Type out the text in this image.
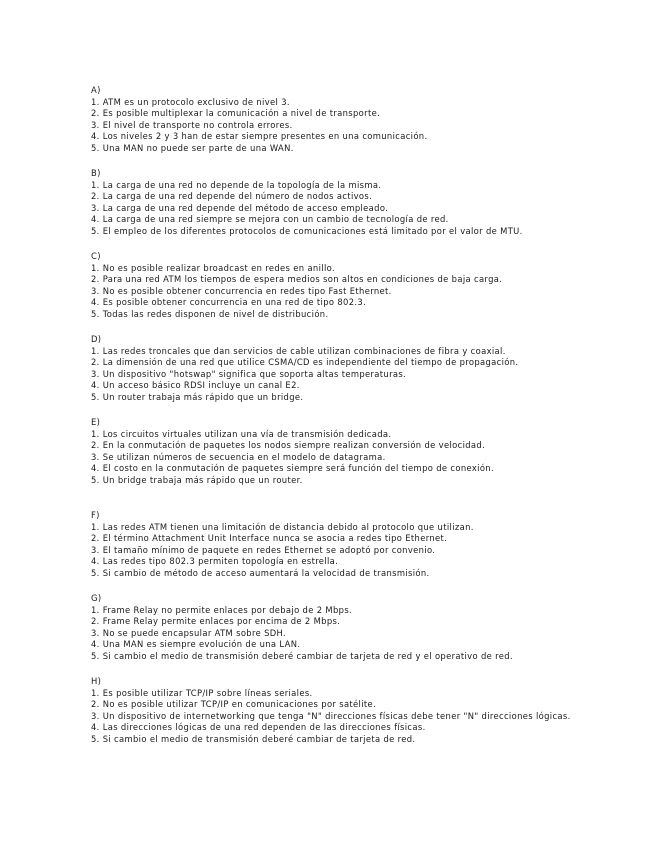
A)
1. ATM es un protocolo exclusivo de nivel 3.
2. Es posible multiplexar la comunicación a nivel de transporte.
3. El nivel de transporte no controla errores.
4. Los niveles 2 y 3 han de estar siempre presentes en una comunicación.
5. Una MAN no puede ser parte de una WAN.
B)
1. La carga de una red no depende de la topología de la misma.
2. La carga de una red depende del número de nodos activos.
3. La carga de una red depende del método de acceso empleado.
4. La carga de una red siempre se mejora con un cambio de tecnología de red.
5. El empleo de los diferentes protocolos de comunicaciones está limitado por el valor de MTU.
C)
1. No es posible realizar broadcast en redes en anillo.
2. Para una red ATM los tiempos de espera medios son altos en condiciones de baja carga.
3. No es posible obtener concurrencia en redes tipo Fast Ethernet.
4. Es posible obtener concurrencia en una red de tipo 802.3.
5. Todas las redes disponen de nivel de distribución.
D)
1. Las redes troncales que dan servicios de cable utilizan combinaciones de fibra y coaxial.
2. La dimensión de una red que utilice CSMA/CD es independiente del tiempo de propagación.
3. Un dispositivo "hotswap" significa que soporta altas temperaturas.
4. Un acceso básico RDSI incluye un canal E2.
5. Un router trabaja más rápido que un bridge.
E)
1. Los circuitos virtuales utilizan una vía de transmisión dedicada.
2. En la conmutación de paquetes los nodos siempre realizan conversión de velocidad.
3. Se utilizan números de secuencia en el modelo de datagrama.
4. El costo en la conmutación de paquetes siempre será función del tiempo de conexión.
5. Un bridge trabaja más rápido que un router.
F)
1. Las redes ATM tienen una limitación de distancia debido al protocolo que utilizan.
2. El término Attachment Unit Interface nunca se asocia a redes tipo Ethernet.
3. El tamaño mínimo de paquete en redes Ethernet se adoptó por convenio.
4. Las redes tipo 802.3 permiten topología en estrella.
5. Si cambio de método de acceso aumentará la velocidad de transmisión.
G)
1. Frame Relay no permite enlaces por debajo de 2 Mbps.
2. Frame Relay permite enlaces por encima de 2 Mbps.
3. No se puede encapsular ATM sobre SDH.
4. Una MAN es siempre evolución de una LAN.
5. Si cambio el medio de transmisión deberé cambiar de tarjeta de red y el operativo de red.
H)
1. Es posible utilizar TCP/IP sobre líneas seriales.
2. No es posible utilizar TCP/IP en comunicaciones por satélite.
3. Un dispositivo de internetworking que tenga "N" direcciones físicas debe tener "N" direcciones lógicas.
4. Las direcciones lógicas de una red dependen de las direcciones físicas.
5. Si cambio el medio de transmisión deberé cambiar de tarjeta de red.
